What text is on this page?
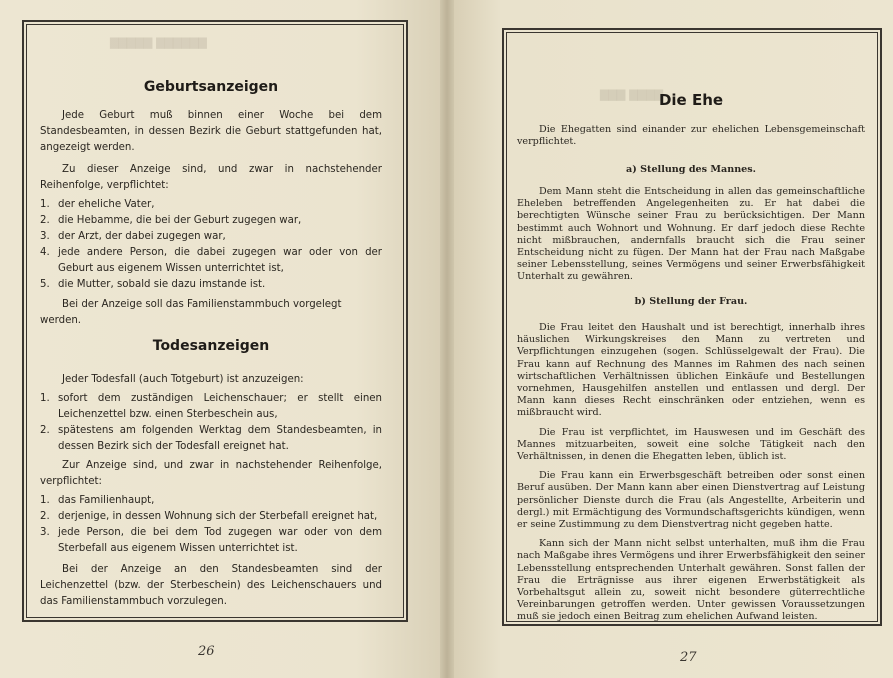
▇▇▇▇▇ ▇▇▇▇▇▇
▇▇▇ ▇▇▇▇
Geburtsanzeigen

Jede Geburt muß binnen einer Woche bei dem Standesbeamten, in dessen Bezirk die Geburt stattgefunden hat, angezeigt werden.

Zu dieser Anzeige sind, und zwar in nachstehender Reihenfolge, verpflichtet:

1. der eheliche Vater,
2. die Hebamme, die bei der Geburt zugegen war,
3. der Arzt, der dabei zugegen war,
4. jede andere Person, die dabei zugegen war oder von der Geburt aus eigenem Wissen unterrichtet ist,
5. die Mutter, sobald sie dazu imstande ist.

Bei der Anzeige soll das Familienstammbuch vorgelegt werden.

Todesanzeigen

Jeder Todesfall (auch Totgeburt) ist anzuzeigen:

1. sofort dem zuständigen Leichenschauer; er stellt einen Leichenzettel bzw. einen Sterbeschein aus,
2. spätestens am folgenden Werktag dem Standesbeamten, in dessen Bezirk sich der Todesfall ereignet hat.

Zur Anzeige sind, und zwar in nachstehender Reihenfolge, verpflichtet:

1. das Familienhaupt,
2. derjenige, in dessen Wohnung sich der Sterbefall ereignet hat,
3. jede Person, die bei dem Tod zugegen war oder von dem Sterbefall aus eigenem Wissen unterrichtet ist.

Bei der Anzeige an den Standesbeamten sind der Leichenzettel (bzw. der Sterbeschein) des Leichenschauers und das Familienstammbuch vorzulegen.

26
Die Ehe

Die Ehegatten sind einander zur ehelichen Lebensgemeinschaft verpflichtet.

a) Stellung des Mannes.

Dem Mann steht die Entscheidung in allen das gemeinschaftliche Eheleben betreffenden Angelegenheiten zu. Er hat dabei die berechtigten Wünsche seiner Frau zu berücksichtigen. Der Mann bestimmt auch Wohnort und Wohnung. Er darf jedoch diese Rechte nicht mißbrauchen, andernfalls braucht sich die Frau seiner Entscheidung nicht zu fügen. Der Mann hat der Frau nach Maßgabe seiner Lebensstellung, seines Vermögens und seiner Erwerbsfähigkeit Unterhalt zu gewähren.

b) Stellung der Frau.

Die Frau leitet den Haushalt und ist berechtigt, innerhalb ihres häuslichen Wirkungskreises den Mann zu vertreten und Verpflichtungen einzugehen (sogen. Schlüsselgewalt der Frau). Die Frau kann auf Rechnung des Mannes im Rahmen des nach seinen wirtschaftlichen Verhältnissen üblichen Einkäufe und Bestellungen vornehmen, Hausgehilfen anstellen und entlassen und dergl. Der Mann kann dieses Recht einschränken oder entziehen, wenn es mißbraucht wird.

Die Frau ist verpflichtet, im Hauswesen und im Geschäft des Mannes mitzuarbeiten, soweit eine solche Tätigkeit nach den Verhältnissen, in denen die Ehegatten leben, üblich ist.

Die Frau kann ein Erwerbsgeschäft betreiben oder sonst einen Beruf ausüben. Der Mann kann aber einen Dienstvertrag auf Leistung persönlicher Dienste durch die Frau (als Angestellte, Arbeiterin und dergl.) mit Ermächtigung des Vormundschaftsgerichts kündigen, wenn er seine Zustimmung zu dem Dienstvertrag nicht gegeben hatte.

Kann sich der Mann nicht selbst unterhalten, muß ihm die Frau nach Maßgabe ihres Vermögens und ihrer Erwerbsfähigkeit den seiner Lebensstellung entsprechenden Unterhalt gewähren. Sonst fallen der Frau die Erträgnisse aus ihrer eigenen Erwerbstätigkeit als Vorbehaltsgut allein zu, soweit nicht besondere güterrechtliche Vereinbarungen getroffen werden. Unter gewissen Voraussetzungen muß sie jedoch einen Beitrag zum ehelichen Aufwand leisten.

27
